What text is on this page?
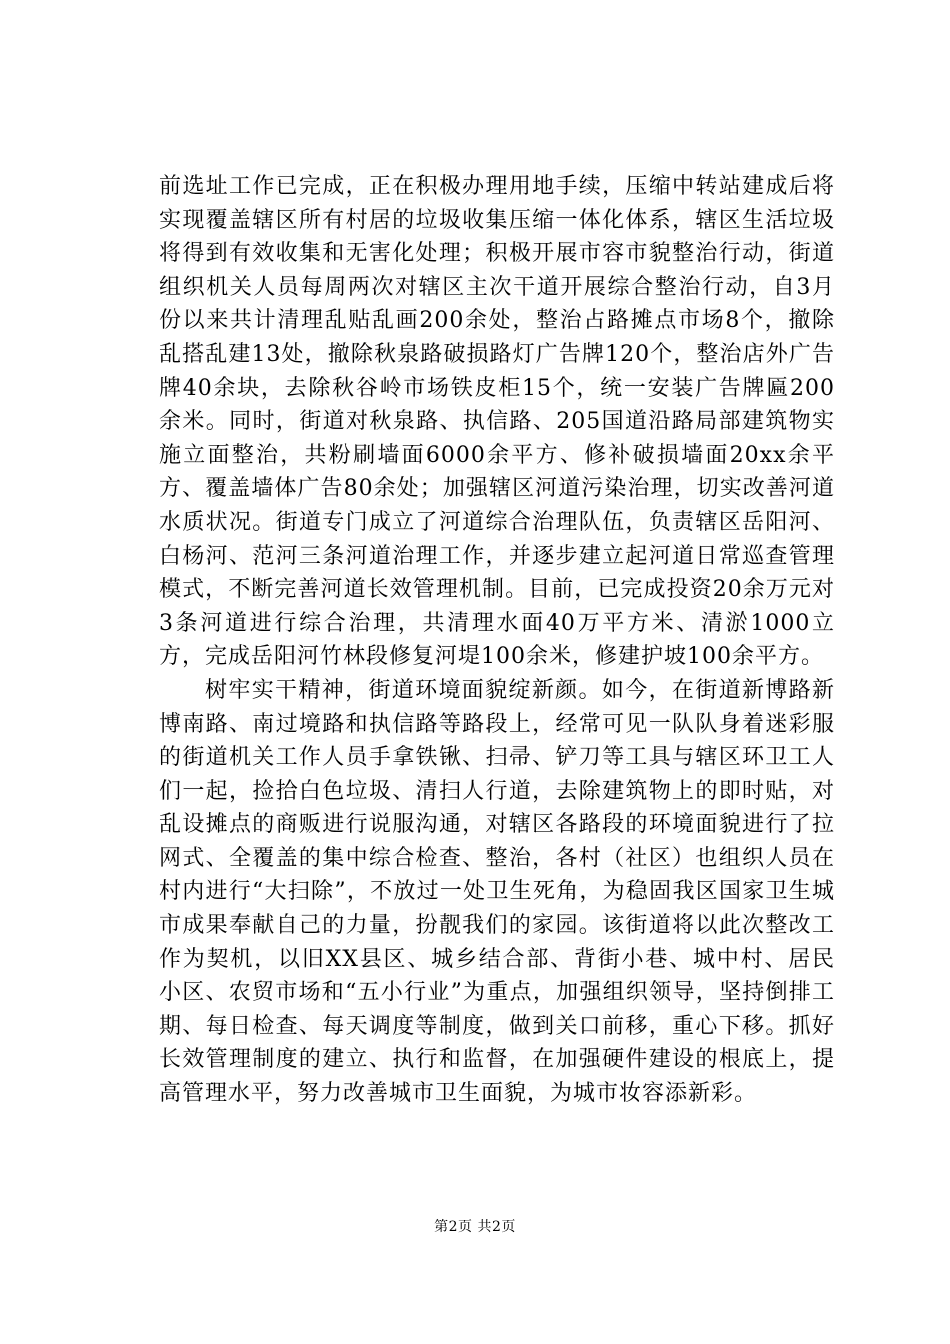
前选址工作已完成，正在积极办理用地手续，压缩中转站建成后将实现覆盖辖区所有村居的垃圾收集压缩一体化体系，辖区生活垃圾将得到有效收集和无害化处理；积极开展市容市貌整治行动，街道组织机关人员每周两次对辖区主次干道开展综合整治行动，自3月份以来共计清理乱贴乱画200余处，整治占路摊点市场8个，撤除乱搭乱建13处，撤除秋泉路破损路灯广告牌120个，整治店外广告牌40余块，去除秋谷岭市场铁皮柜15个，统一安装广告牌匾200余米。同时，街道对秋泉路、执信路、205国道沿路局部建筑物实施立面整治，共粉刷墙面6000余平方、修补破损墙面20xx余平方、覆盖墙体广告80余处；加强辖区河道污染治理，切实改善河道水质状况。街道专门成立了河道综合治理队伍，负责辖区岳阳河、白杨河、范河三条河道治理工作，并逐步建立起河道日常巡查管理模式，不断完善河道长效管理机制。目前，已完成投资20余万元对3条河道进行综合治理，共清理水面40万平方米、清淤1000立方，完成岳阳河竹林段修复河堤100余米，修建护坡100余平方。

树牢实干精神，街道环境面貌绽新颜。如今，在街道新博路新博南路、南过境路和执信路等路段上，经常可见一队队身着迷彩服的街道机关工作人员手拿铁锹、扫帚、铲刀等工具与辖区环卫工人们一起，捡拾白色垃圾、清扫人行道，去除建筑物上的即时贴，对乱设摊点的商贩进行说服沟通，对辖区各路段的环境面貌进行了拉网式、全覆盖的集中综合检查、整治，各村（社区）也组织人员在村内进行“大扫除”，不放过一处卫生死角，为稳固我区国家卫生城市成果奉献自己的力量，扮靓我们的家园。该街道将以此次整改工作为契机，以旧XX县区、城乡结合部、背街小巷、城中村、居民小区、农贸市场和“五小行业”为重点，加强组织领导，坚持倒排工期、每日检查、每天调度等制度，做到关口前移，重心下移。抓好长效管理制度的建立、执行和监督，在加强硬件建设的根底上，提高管理水平，努力改善城市卫生面貌，为城市妆容添新彩。

第2页 共2页
